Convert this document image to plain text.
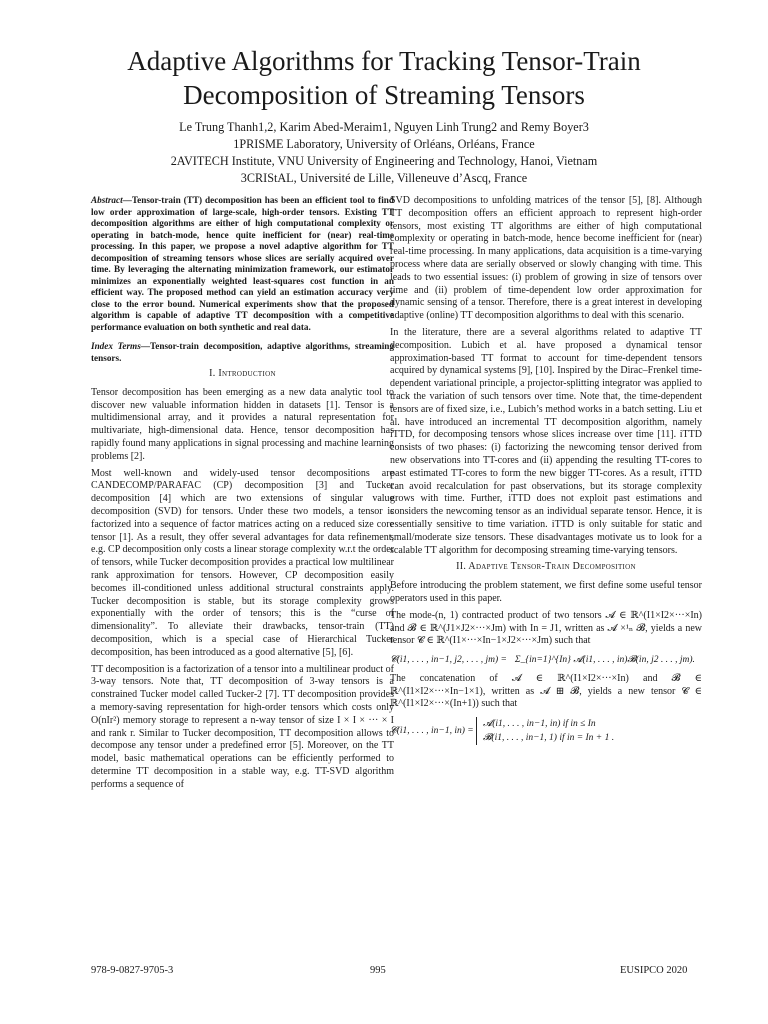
Adaptive Algorithms for Tracking Tensor-Train
Decomposition of Streaming Tensors
Le Trung Thanh1,2, Karim Abed-Meraim1, Nguyen Linh Trung2 and Remy Boyer3
1PRISME Laboratory, University of Orléans, Orléans, France
2AVITECH Institute, VNU University of Engineering and Technology, Hanoi, Vietnam
3CRIStAL, Université de Lille, Villeneuve d’Ascq, France

Abstract—Tensor-train (TT) decomposition has been an efficient tool to find low order approximation of large-scale, high-order tensors. Existing TT decomposition algorithms are either of high computational complexity or operating in batch-mode, hence quite inefficient for (near) real-time processing. In this paper, we propose a novel adaptive algorithm for TT decomposition of streaming tensors whose slices are serially acquired over time. By leveraging the alternating minimization framework, our estimator minimizes an exponentially weighted least-squares cost function in an efficient way. The proposed method can yield an estimation accuracy very close to the error bound. Numerical experiments show that the proposed algorithm is capable of adaptive TT decomposition with a competitive performance evaluation on both synthetic and real data.

Index Terms—Tensor-train decomposition, adaptive algorithms, streaming tensors.

I. Introduction

Tensor decomposition has been emerging as a new data analytic tool to discover new valuable information hidden in datasets [1]. Tensor is a multidimensional array, and it provides a natural representation for multivariate, high-dimensional data. Hence, tensor decomposition has rapidly found many applications in signal processing and machine learning problems [2].

Most well-known and widely-used tensor decompositions are CANDECOMP/PARAFAC (CP) decomposition [3] and Tucker decomposition [4] which are two extensions of singular value decomposition (SVD) for tensors. Under these two models, a tensor is factorized into a sequence of factor matrices acting on a reduced size core tensor [1]. As a result, they offer several advantages for data refinement, e.g. CP decomposition only costs a linear storage complexity w.r.t the order of tensors, while Tucker decomposition provides a practical low multilinear rank approximation for tensors. However, CP decomposition easily becomes ill-conditioned unless additional structural constraints apply. Tucker decomposition is stable, but its storage complexity grows exponentially with the order of tensors; this is the “curse of dimensionality”. To alleviate their drawbacks, tensor-train (TT) decomposition, which is a special case of Hierarchical Tucker decomposition, has been introduced as a good alternative [5], [6].

TT decomposition is a factorization of a tensor into a multilinear product of 3-way tensors. Note that, TT decomposition of 3-way tensors is a constrained Tucker model called Tucker-2 [7]. TT decomposition provides a memory-saving representation for high-order tensors which costs only O(nIr²) memory storage to represent a n-way tensor of size I × I × ··· × I and rank r. Similar to Tucker decomposition, TT decomposition allows to decompose any tensor under a predefined error [5]. Moreover, on the TT model, basic mathematical operations can be efficiently performed to determine TT decomposition in a stable way, e.g. TT-SVD algorithm performs a sequence of

SVD decompositions to unfolding matrices of the tensor [5], [8]. Although TT decomposition offers an efficient approach to represent high-order tensors, most existing TT algorithms are either of high computational complexity or operating in batch-mode, hence become inefficient for (near) real-time processing. In many applications, data acquisition is a time-varying process where data are serially observed or slowly changing with time. This leads to two essential issues: (i) problem of growing in size of tensors over time and (ii) problem of time-dependent low order approximation for dynamic sensing of a tensor. Therefore, there is a great interest in developing adaptive (online) TT decomposition algorithms to deal with this scenario.

In the literature, there are a several algorithms related to adaptive TT decomposition. Lubich et al. have proposed a dynamical tensor approximation-based TT format to account for time-dependent tensors acquired by dynamical systems [9], [10]. Inspired by the Dirac–Frenkel time-dependent variational principle, a projector-splitting integrator was applied to track the variation of such tensors over time. Note that, the time-dependent tensors are of fixed size, i.e., Lubich’s method works in a batch setting. Liu et al. have introduced an incremental TT decomposition algorithm, namely iTTD, for decomposing tensors whose slices increase over time [11]. iTTD consists of two phases: (i) factorizing the newcoming tensor derived from new observations into TT-cores and (ii) appending the resulting TT-cores to past estimated TT-cores to form the new bigger TT-cores. As a result, iTTD can avoid recalculation for past observations, but its storage complexity grows with time. Further, iTTD does not exploit past estimations and considers the newcoming tensor as an individual separate tensor. Hence, it is essentially sensitive to time variation. iTTD is only suitable for static and small/moderate size tensors. These disadvantages motivate us to look for a scalable TT algorithm for decomposing streaming time-varying tensors.

II. Adaptive Tensor-Train Decomposition

Before introducing the problem statement, we first define some useful tensor operators used in this paper.

The mode-(n, 1) contracted product of two tensors 𝓐 ∈ ℝ^(I1×I2×···×In) and 𝓑 ∈ ℝ^(J1×J2×···×Jm) with In = J1, written as 𝓐 ×¹ₙ 𝓑, yields a new tensor 𝓒 ∈ ℝ^(I1×···×In−1×J2×···×Jm) such that

𝓒(i1, . . . , in−1, j2, . . . , jm) = Σ_{in=1}^{In} 𝓐(i1, . . . , in)𝓑(in, j2 . . . , jm).

The concatenation of 𝓐 ∈ ℝ^(I1×I2×···×In) and 𝓑 ∈ ℝ^(I1×I2×···×In−1×1), written as 𝓐 ⊞ 𝓑, yields a new tensor 𝓒 ∈ ℝ^(I1×I2×···×(In+1)) such that

𝓒(i1, . . . , in−1, in) = 𝓐(i1, . . . , in−1, in) if in ≤ In
𝓑(i1, . . . , in−1, 1) if in = In + 1 .

978-9-0827-9705-3	995	EUSIPCO 2020
